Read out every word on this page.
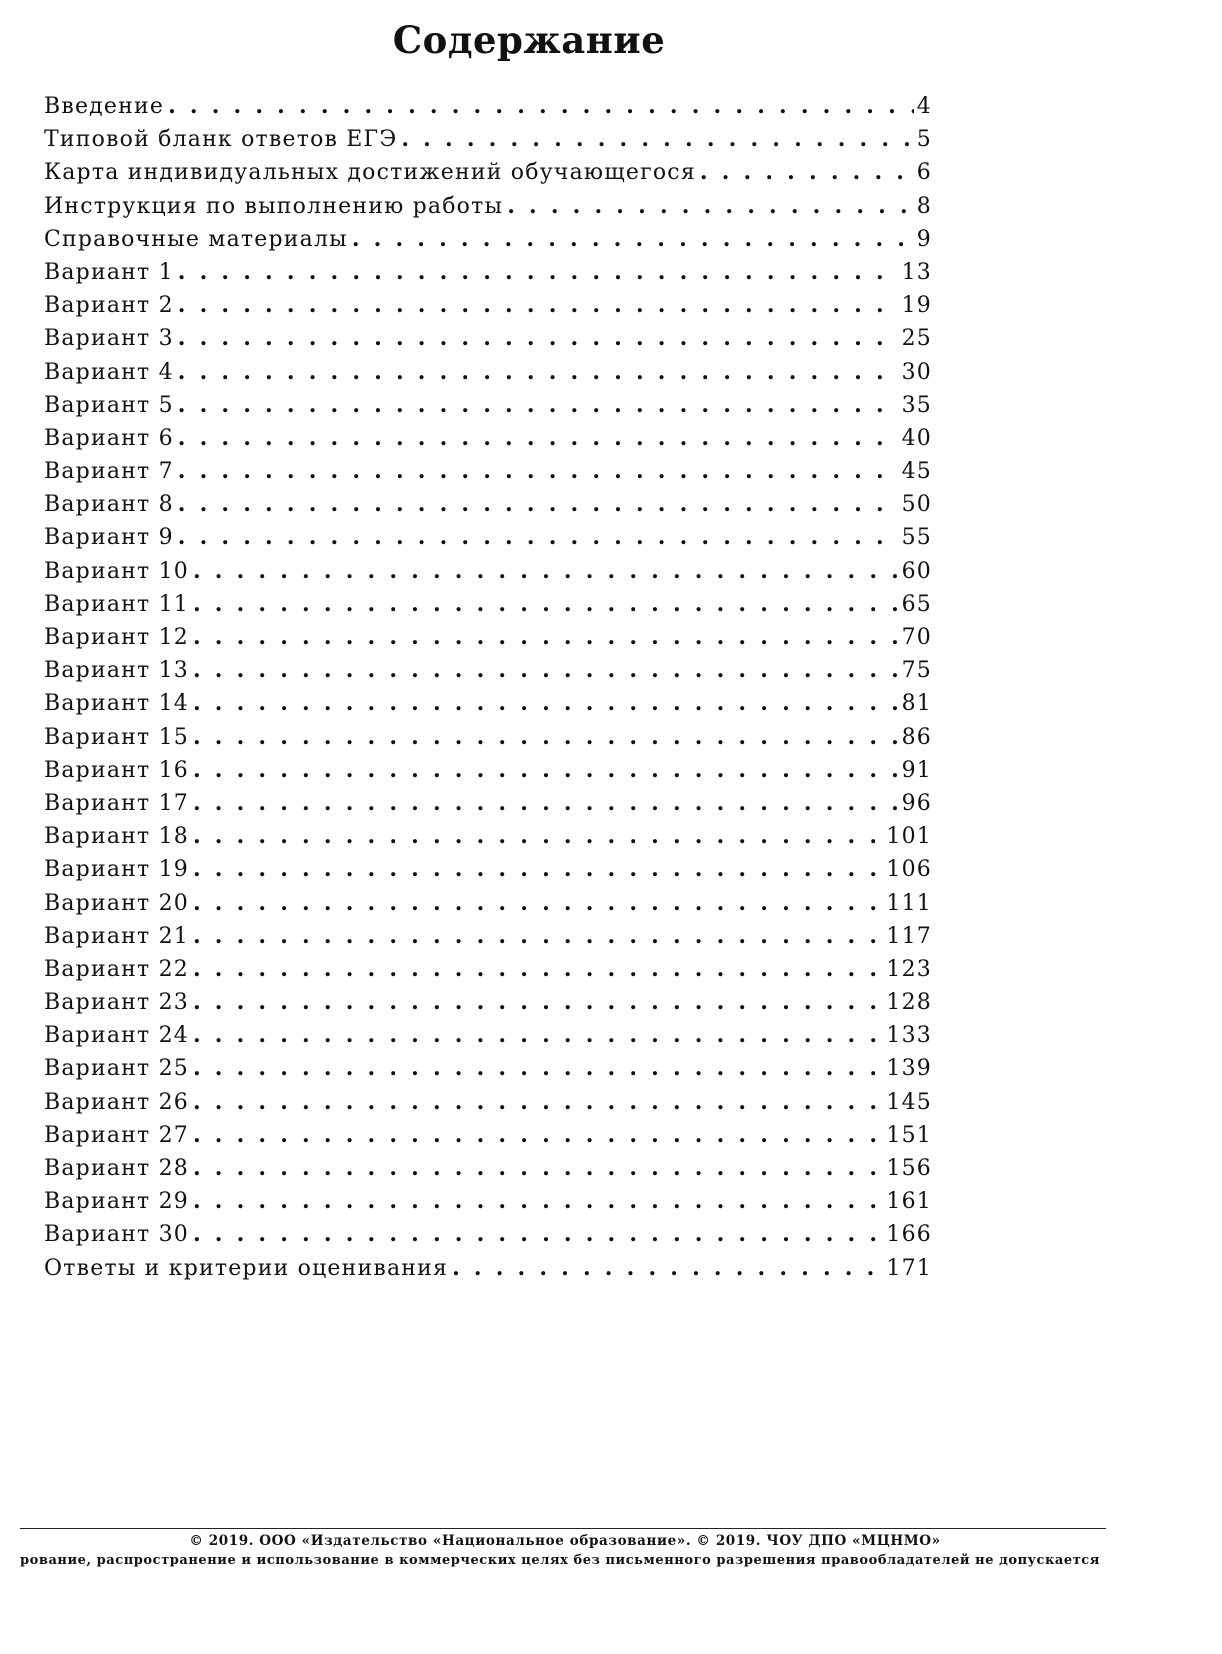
Содержание
Введение . . .	4
Типовой бланк ответов ЕГЭ . . .	5
Карта индивидуальных достижений обучающегося . . .	6
Инструкция по выполнению работы . . .	8
Справочные материалы . . .	9
Вариант 1 . . .	13
Вариант 2 . . .	19
Вариант 3 . . .	25
Вариант 4 . . .	30
Вариант 5 . . .	35
Вариант 6 . . .	40
Вариант 7 . . .	45
Вариант 8 . . .	50
Вариант 9 . . .	55
Вариант 10 . . .	60
Вариант 11 . . .	65
Вариант 12 . . .	70
Вариант 13 . . .	75
Вариант 14 . . .	81
Вариант 15 . . .	86
Вариант 16 . . .	91
Вариант 17 . . .	96
Вариант 18 . . .	101
Вариант 19 . . .	106
Вариант 20 . . .	111
Вариант 21 . . .	117
Вариант 22 . . .	123
Вариант 23 . . .	128
Вариант 24 . . .	133
Вариант 25 . . .	139
Вариант 26 . . .	145
Вариант 27 . . .	151
Вариант 28 . . .	156
Вариант 29 . . .	161
Вариант 30 . . .	166
Ответы и критерии оценивания . . .	171

© 2019. ООО «Издательство «Национальное образование». © 2019. ЧОУ ДПО «МЦНМО»

рование, распространение и использование в коммерческих целях без письменного разрешения правообладателей не допускается
